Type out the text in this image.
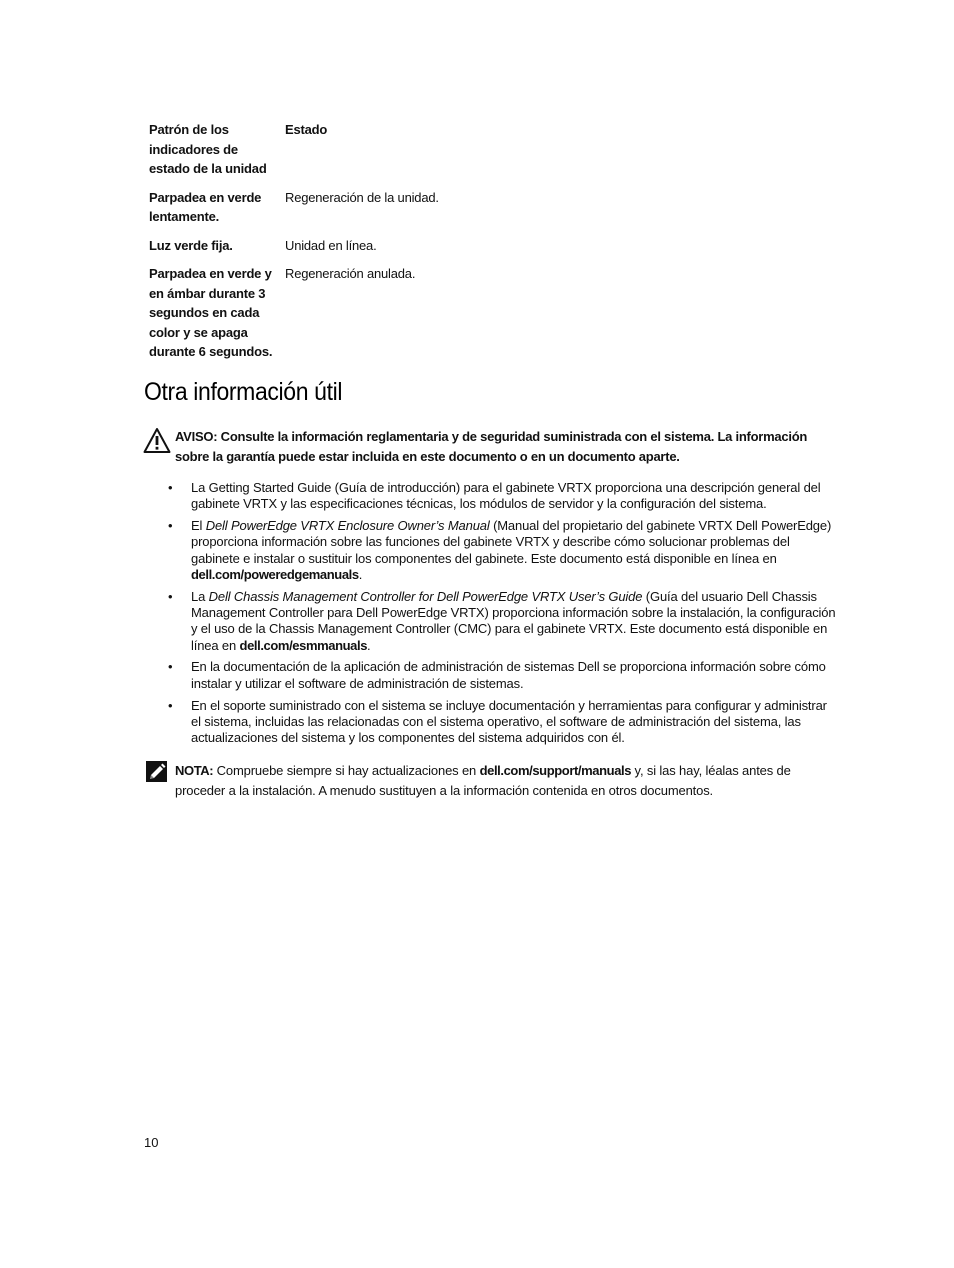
Patrón de los
indicadores de
estado de la unidad
Estado
Parpadea en verde
lentamente.
Regeneración de la unidad.
Luz verde fija.	Unidad en línea.
Parpadea en verde y
en ámbar durante 3
segundos en cada
color y se apaga
durante 6 segundos.
Regeneración anulada.
Otra información útil
AVISO: Consulte la información reglamentaria y de seguridad suministrada con el sistema. La información sobre la garantía puede estar incluida en este documento o en un documento aparte.
• La Getting Started Guide (Guía de introducción) para el gabinete VRTX proporciona una descripción general del gabinete VRTX y las especificaciones técnicas, los módulos de servidor y la configuración del sistema.
• El Dell PowerEdge VRTX Enclosure Owner’s Manual (Manual del propietario del gabinete VRTX Dell PowerEdge) proporciona información sobre las funciones del gabinete VRTX y describe cómo solucionar problemas del gabinete e instalar o sustituir los componentes del gabinete. Este documento está disponible en línea en dell.com/poweredgemanuals.
• La Dell Chassis Management Controller for Dell PowerEdge VRTX User’s Guide (Guía del usuario Dell Chassis Management Controller para Dell PowerEdge VRTX) proporciona información sobre la instalación, la configuración y el uso de la Chassis Management Controller (CMC) para el gabinete VRTX. Este documento está disponible en línea en dell.com/esmmanuals.
• En la documentación de la aplicación de administración de sistemas Dell se proporciona información sobre cómo instalar y utilizar el software de administración de sistemas.
• En el soporte suministrado con el sistema se incluye documentación y herramientas para configurar y administrar el sistema, incluidas las relacionadas con el sistema operativo, el software de administración del sistema, las actualizaciones del sistema y los componentes del sistema adquiridos con él.
NOTA: Compruebe siempre si hay actualizaciones en dell.com/support/manuals y, si las hay, léalas antes de proceder a la instalación. A menudo sustituyen a la información contenida en otros documentos.
10
